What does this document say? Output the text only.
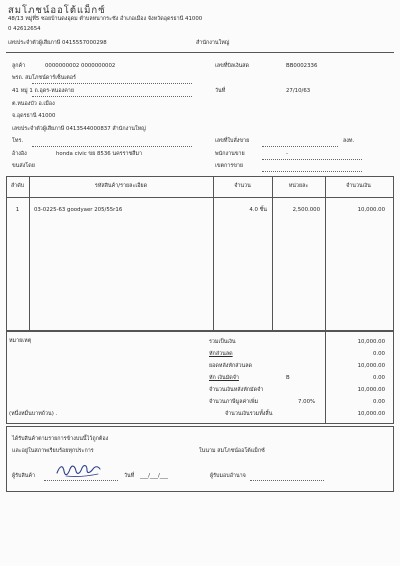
สมโภชน์ออโต้แม็กซ์
48/13 หมู่ที่5 ซอยบ้านดงอุดม ตำบลหนากระชัง อำเภอเมือง จังหวัดอุดรธานี 41000
0 42612654
เลขประจำตัวผู้เสียภาษี 0415557000298	สำนักงานใหญ่
ลูกค้า	0000000002 0000000002
พรถ. สมโภชน์ดาร์เซ็นเตอร์
41 หมู่ 1 ถ.อุดร-หนองคาย
ต.หนองบัว อ.เมือง
จ.อุดรธานี 41000
เลขประจำตัวผู้เสียภาษี 0413544000837 สำนักงานใหญ่
โทร.
อ้างอิง	honda civic ขย 8536 นครราชสีมา
ขนส่งโดย
เลขที่บิลเงินสด	BB0002336
วันที่	27/10/63
เลขที่ใบสั่งขาย	ลงท.
พนักงานขาย	-
เขตการขาย
ลำดับ	รหัสสินค้า/รายละเอียด	จำนวน	หน่วยละ	จำนวนเงิน
1	03-0225-63 goodyaer 205/55r16	4.0 ชิ้น	2,500.000	10,000.00
หมายเหตุ
(หนึ่งหมื่นบาทถ้วน) .
รวมเป็นเงิน	10,000.00
หักส่วนลด	0.00
ยอดหลังหักส่วนลด	10,000.00
หัก เงินมัดจำ	B	0.00
จำนวนเงินหลังหักมัดจำ	10,000.00
จำนวนภาษีมูลค่าเพิ่ม	7.00%	0.00
จำนวนเงินรวมทั้งสิ้น	10,000.00
ได้รับสินค้าตามรายการข้างบนนี้ไว้ถูกต้อง
และอยู่ในสภาพเรียบร้อยทุกประการ	ในนาม สมโภชน์ออโต้แม็กซ์
ผู้รับสินค้า	วันที่ ___/___/___	ผู้รับมอบอำนาจ
